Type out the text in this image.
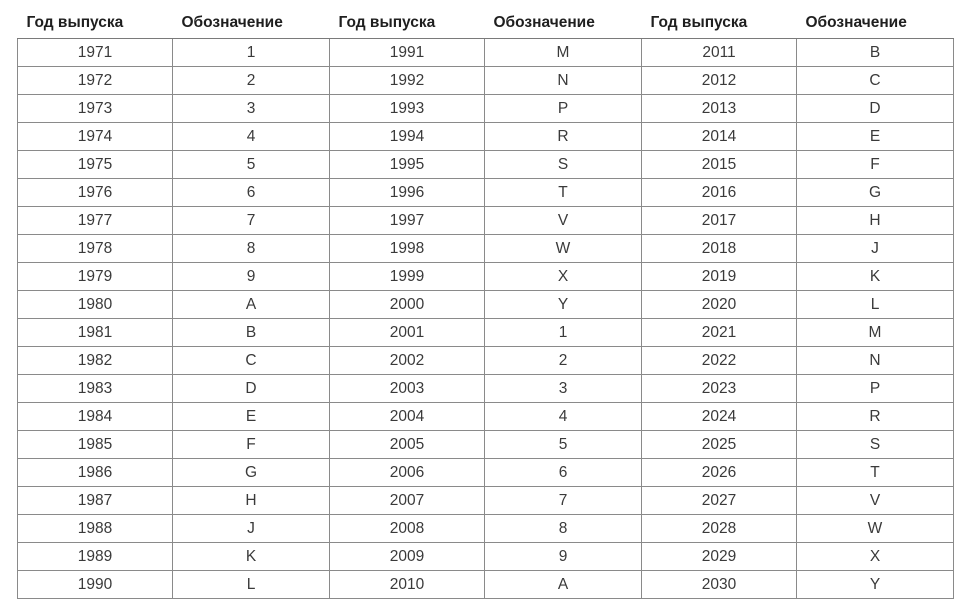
Год выпуска	Обозначение	Год выпуска	Обозначение	Год выпуска	Обозначение
1971	1	1991	M	2011	B
1972	2	1992	N	2012	C
1973	3	1993	P	2013	D
1974	4	1994	R	2014	E
1975	5	1995	S	2015	F
1976	6	1996	T	2016	G
1977	7	1997	V	2017	H
1978	8	1998	W	2018	J
1979	9	1999	X	2019	K
1980	A	2000	Y	2020	L
1981	B	2001	1	2021	M
1982	C	2002	2	2022	N
1983	D	2003	3	2023	P
1984	E	2004	4	2024	R
1985	F	2005	5	2025	S
1986	G	2006	6	2026	T
1987	H	2007	7	2027	V
1988	J	2008	8	2028	W
1989	K	2009	9	2029	X
1990	L	2010	A	2030	Y
